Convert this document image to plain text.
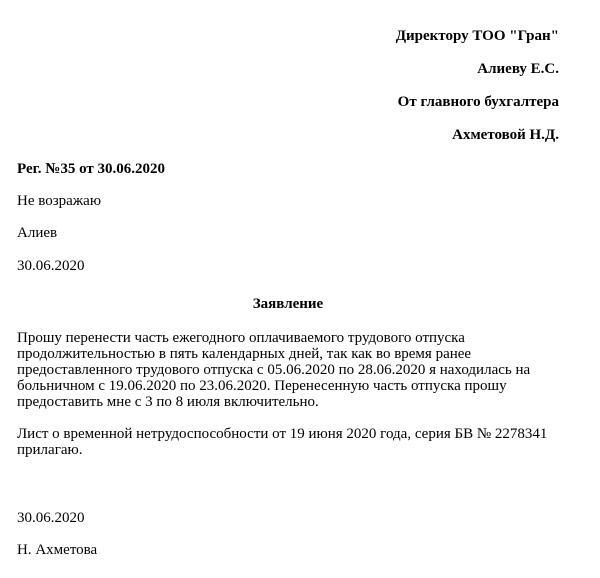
Директору ТОО "Гран"
Алиеву Е.С.
От главного бухгалтера
Ахметовой Н.Д.
Рег. №35 от 30.06.2020
Не возражаю
Алиев
30.06.2020
Заявление
Прошу перенести часть ежегодного оплачиваемого трудового отпуска
продолжительностью в пять календарных дней, так как во время ранее
предоставленного трудового отпуска с 05.06.2020 по 28.06.2020 я находилась на
больничном с 19.06.2020 по 23.06.2020. Перенесенную часть отпуска прошу
предоставить мне с 3 по 8 июля включительно.
Лист о временной нетрудоспособности от 19 июня 2020 года, серия БВ № 2278341
прилагаю.
30.06.2020
Н. Ахметова
